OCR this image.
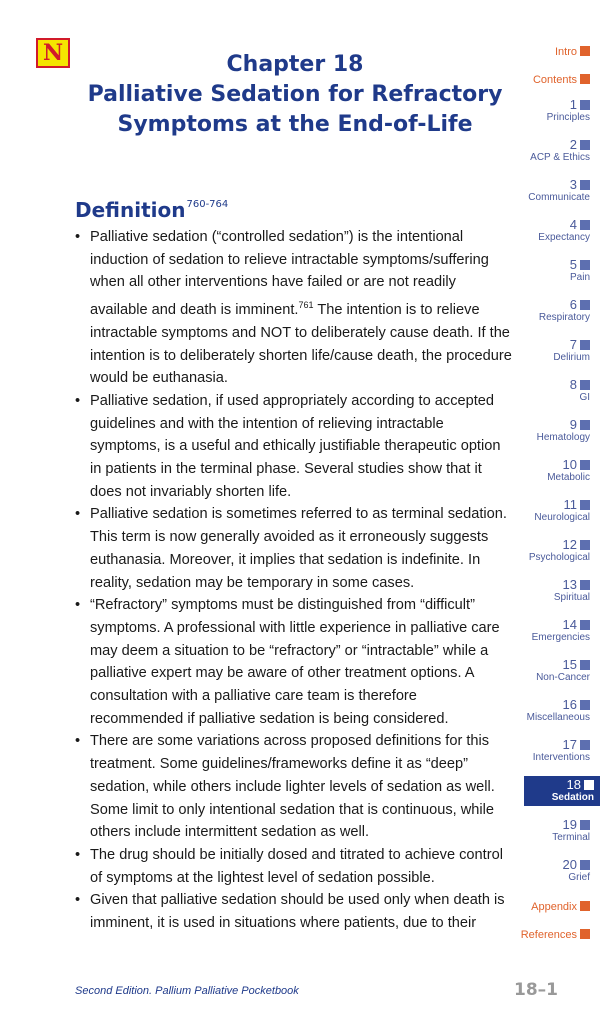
N	Chapter 18
Palliative Sedation for Refractory
Symptoms at the End-of-Life
Definition$^{760-764}$
• Palliative sedation (“controlled sedation”) is the intentional induction of sedation to relieve intractable symptoms/suffering when all other interventions have failed or are not readily available and death is imminent.$^{761}$ The intention is to relieve intractable symptoms and NOT to deliberately cause death. If the intention is to deliberately shorten life/cause death, the procedure would be euthanasia.
• Palliative sedation, if used appropriately according to accepted guidelines and with the intention of relieving intractable symptoms, is a useful and ethically justifiable therapeutic option in patients in the terminal phase. Several studies show that it does not invariably shorten life.
• Palliative sedation is sometimes referred to as terminal sedation. This term is now generally avoided as it erroneously suggests euthanasia. Moreover, it implies that sedation is indefinite. In reality, sedation may be temporary in some cases.
• “Refractory” symptoms must be distinguished from “difficult” symptoms. A professional with little experience in palliative care may deem a situation to be “refractory” or “intractable” while a palliative expert may be aware of other treatment options. A consultation with a palliative care team is therefore recommended if palliative sedation is being considered.
• There are some variations across proposed definitions for this treatment. Some guidelines/frameworks define it as “deep” sedation, while others include lighter levels of sedation as well. Some limit to only intentional sedation that is continuous, while others include intermittent sedation as well.
• The drug should be initially dosed and titrated to achieve control of symptoms at the lightest level of sedation possible.
• Given that palliative sedation should be used only when death is imminent, it is used in situations where patients, due to their
Intro
Contents
1
Principles
2
ACP & Ethics
3
Communicate
4
Expectancy
5
Pain
6
Respiratory
7
Delirium
8
GI
9
Hematology
10
Metabolic
11
Neurological
12
Psychological
13
Spiritual
14
Emergencies
15
Non-Cancer
16
Miscellaneous
17
Interventions
18
Sedation
19
Terminal
20
Grief
Appendix
References
Second Edition. Pallium Palliative Pocketbook	18–1
